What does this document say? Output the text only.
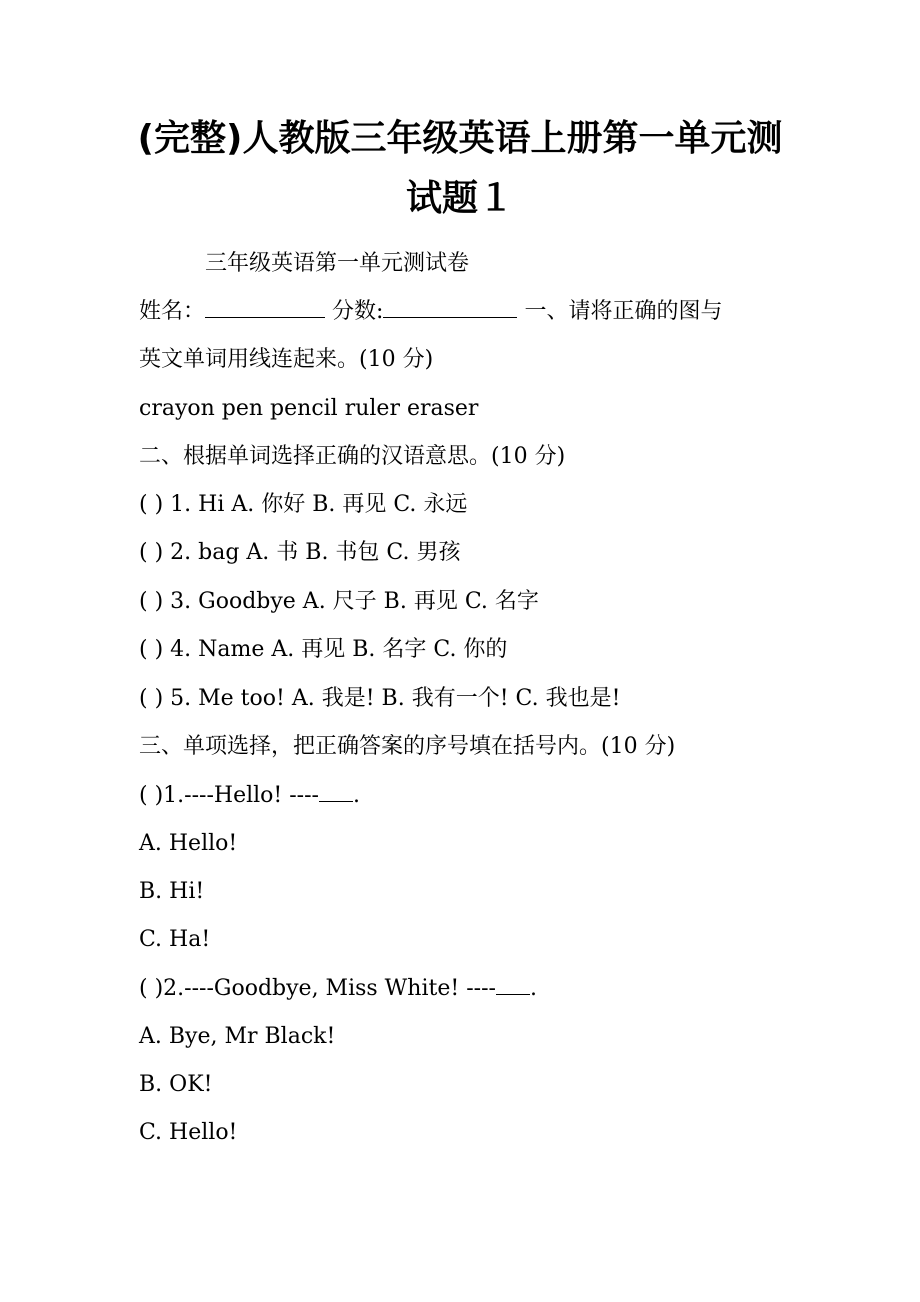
(完整)人教版三年级英语上册第一单元测
试题１
三年级英语第一单元测试卷
姓名：	分数:	一、请将正确的图与
英文单词用线连起来。(10 分)
crayon pen pencil ruler eraser
二、根据单词选择正确的汉语意思。(10 分)
( ) 1. Hi A. 你好 B. 再见 C. 永远
( ) 2. bag A. 书 B. 书包 C. 男孩
( ) 3. Goodbye A. 尺子 B. 再见 C. 名字
( ) 4. Name A. 再见 B. 名字 C. 你的
( ) 5. Me too! A. 我是! B. 我有一个! C. 我也是!
三、单项选择，把正确答案的序号填在括号内。(10 分)
( )1.----Hello! ---- .
A. Hello!
B. Hi!
C. Ha!
( )2.----Goodbye, Miss White! ---- .
A. Bye, Mr Black!
B. OK!
C. Hello!
